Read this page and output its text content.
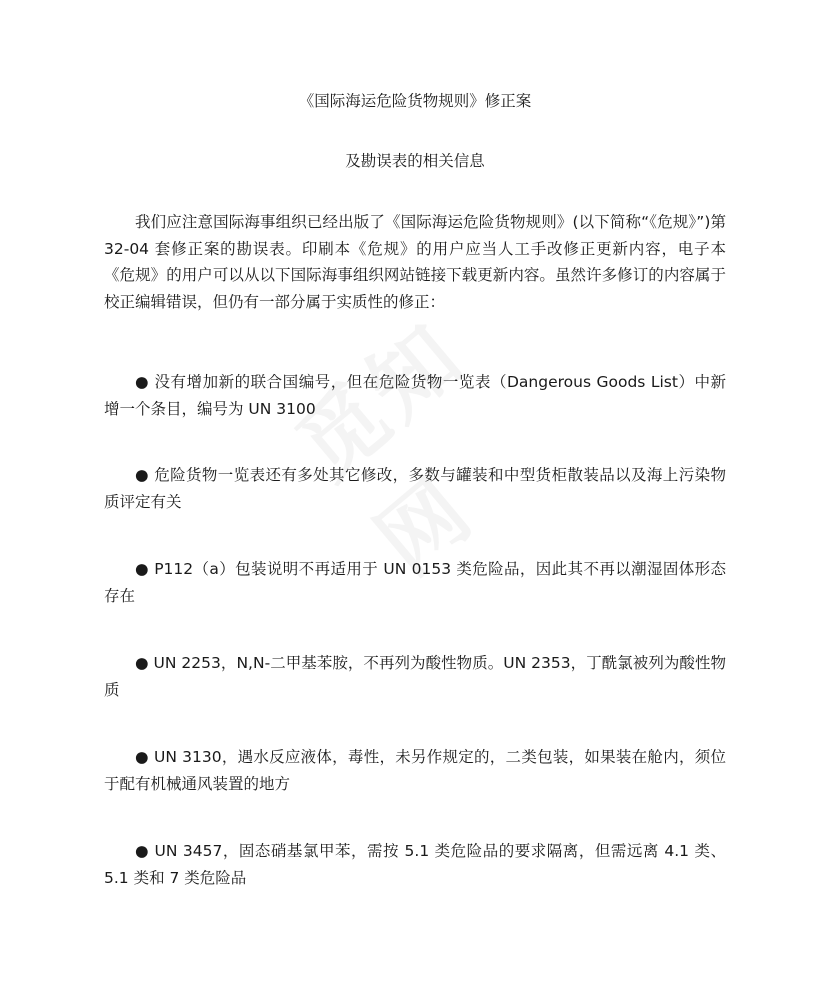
《国际海运危险货物规则》修正案
及勘误表的相关信息

我们应注意国际海事组织已经出版了《国际海运危险货物规则》(以下简称“《危规》”)第 32-04 套修正案的勘误表。印刷本《危规》的用户应当人工手改修正更新内容，电子本《危规》的用户可以从以下国际海事组织网站链接下载更新内容。虽然许多修订的内容属于校正编辑错误，但仍有一部分属于实质性的修正：

● 没有增加新的联合国编号，但在危险货物一览表（Dangerous Goods List）中新增一个条目，编号为 UN 3100

● 危险货物一览表还有多处其它修改，多数与罐装和中型货柜散装品以及海上污染物质评定有关

● P112（a）包装说明不再适用于 UN 0153 类危险品，因此其不再以潮湿固体形态存在

● UN 2253，N,N-二甲基苯胺，不再列为酸性物质。UN 2353，丁酰氯被列为酸性物质

● UN 3130，遇水反应液体，毒性，未另作规定的，二类包装，如果装在舱内，须位于配有机械通风装置的地方

● UN 3457，固态硝基氯甲苯，需按 5.1 类危险品的要求隔离，但需远离 4.1 类、5.1 类和 7 类危险品
